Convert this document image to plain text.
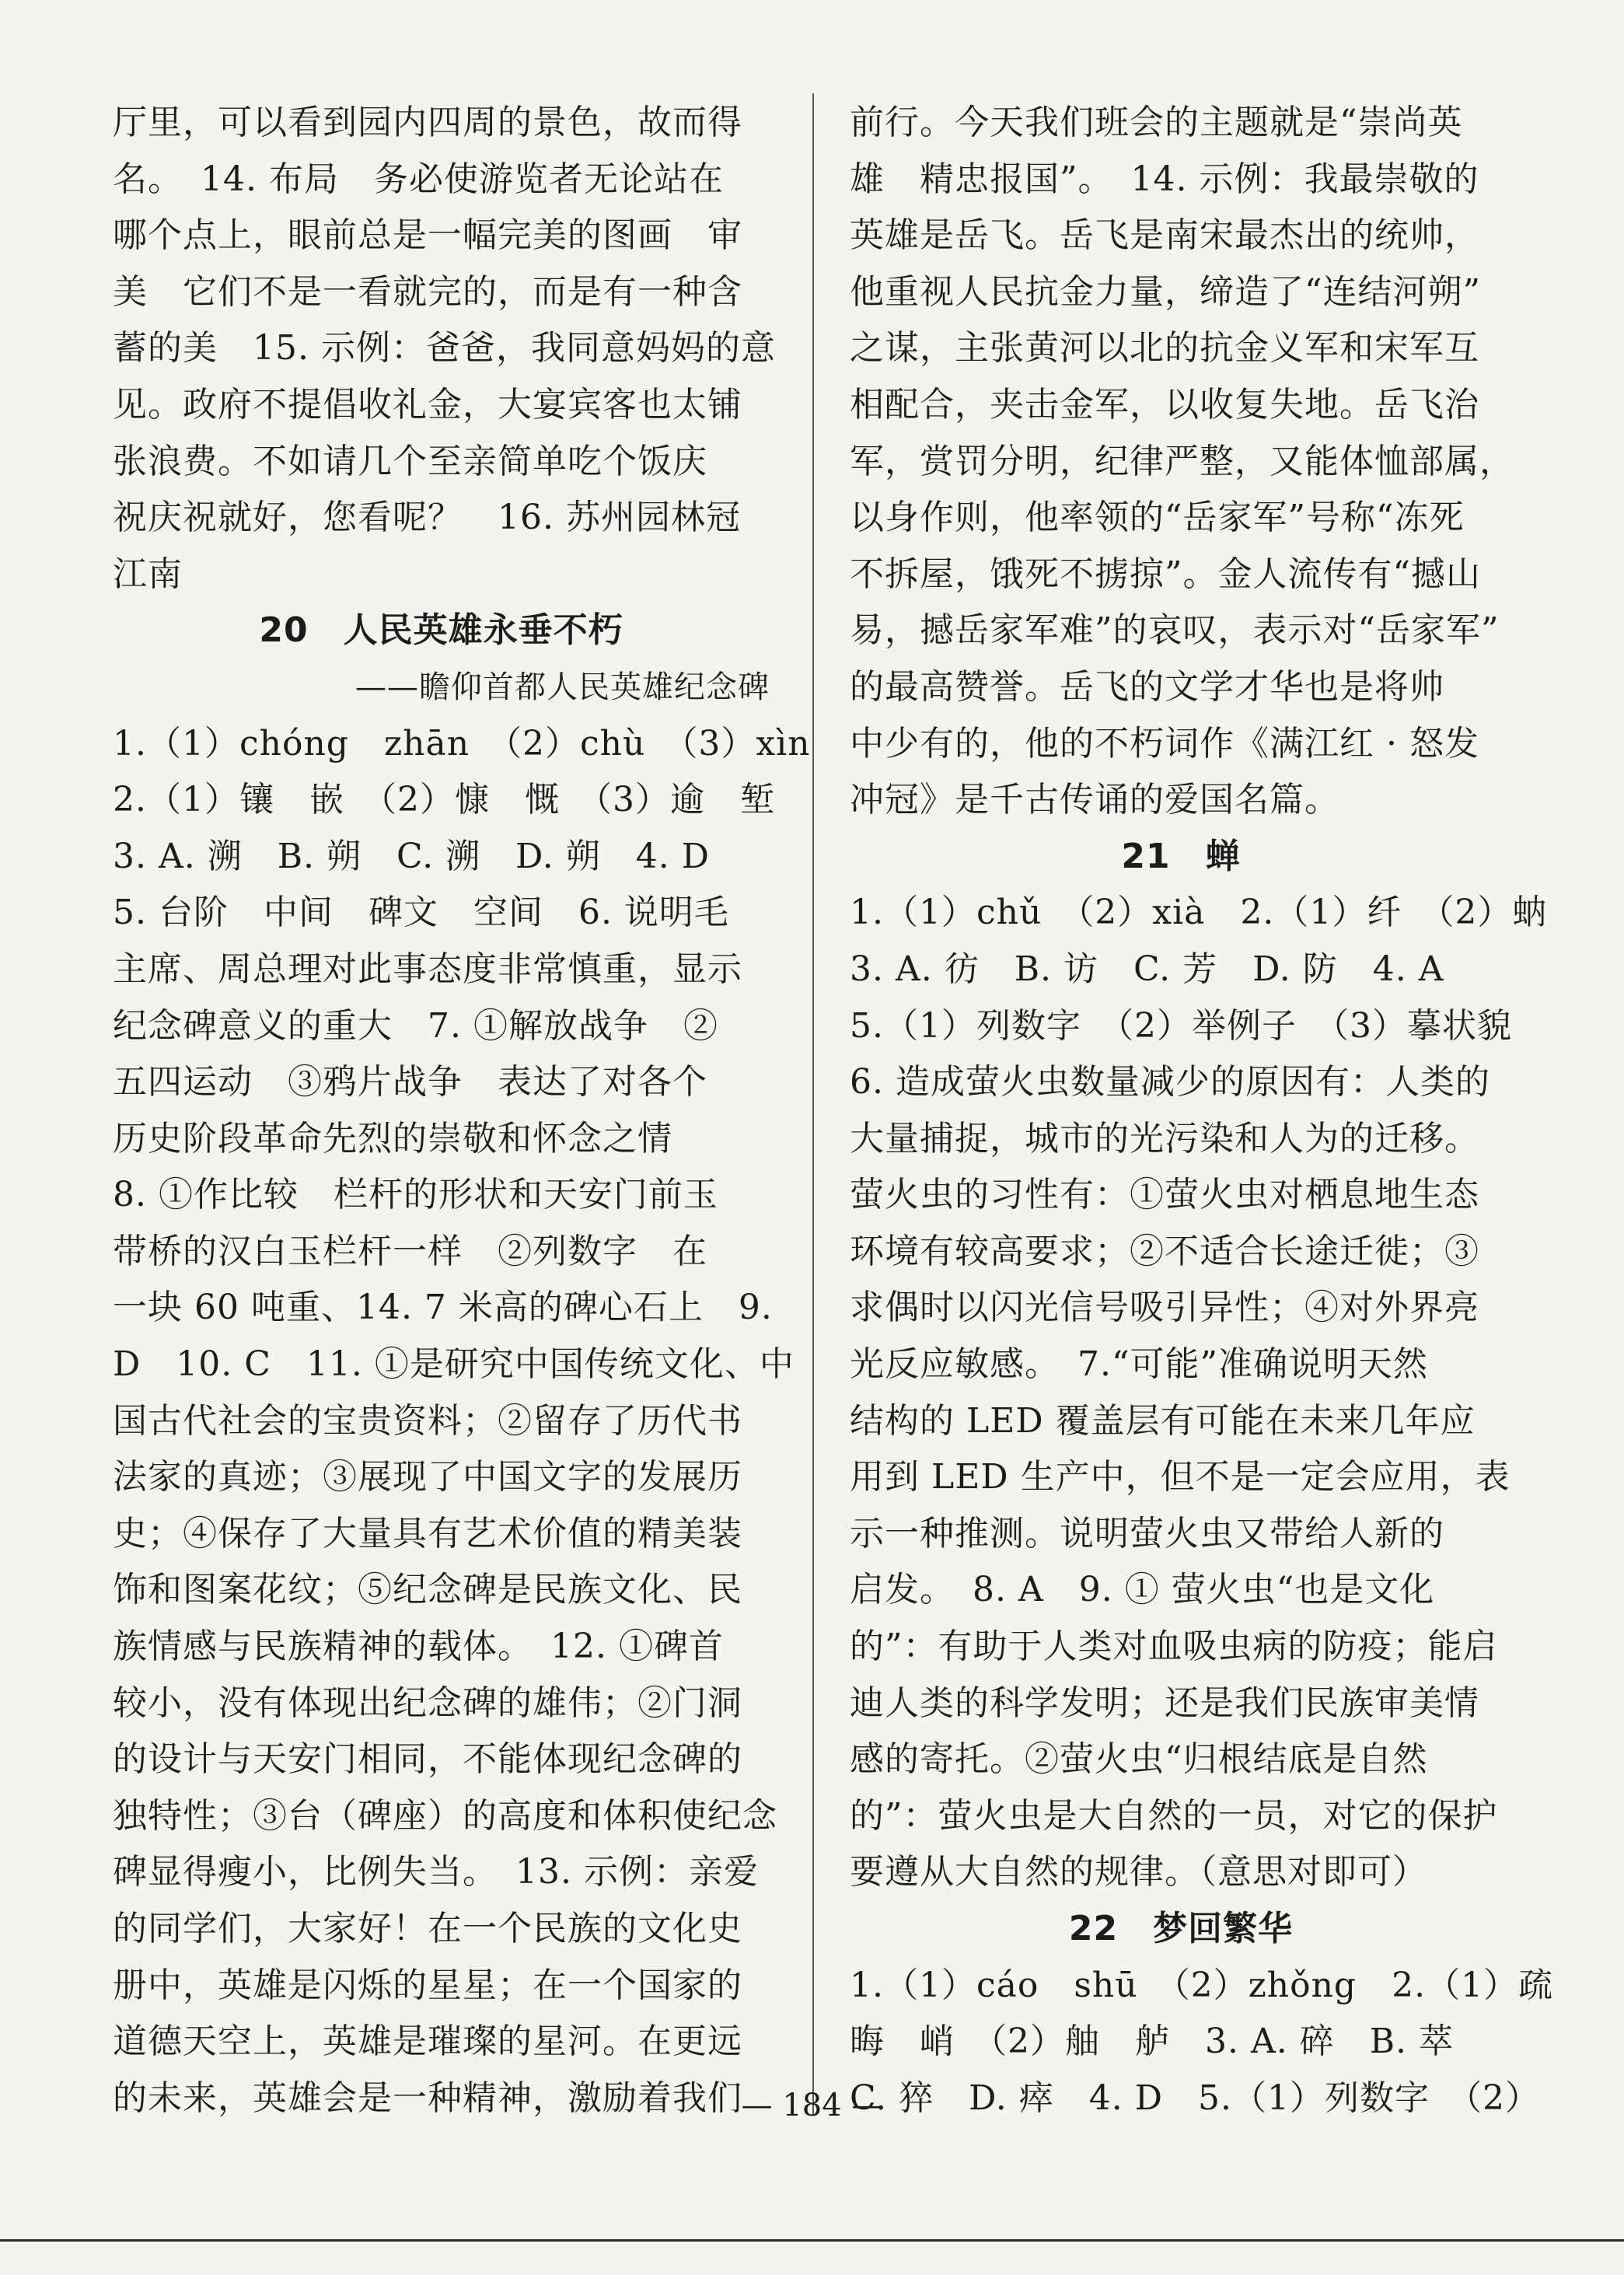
厅里，可以看到园内四周的景色，故而得
名。　14. 布局　务必使游览者无论站在
哪个点上，眼前总是一幅完美的图画　审
美　它们不是一看就完的，而是有一种含
蓄的美　15. 示例：爸爸，我同意妈妈的意
见。政府不提倡收礼金，大宴宾客也太铺
张浪费。不如请几个至亲简单吃个饭庆
祝庆祝就好，您看呢？　16. 苏州园林冠
江南
20　人民英雄永垂不朽
——瞻仰首都人民英雄纪念碑
1.（1）chóng　zhān　（2）chù　（3）xìn
2.（1）镶　嵌　（2）慷　慨　（3）逾　堑
3. A. 溯　B. 朔　C. 溯　D. 朔　4. D
5. 台阶　中间　碑文　空间　6. 说明毛
主席、周总理对此事态度非常慎重，显示
纪念碑意义的重大　7. ①解放战争　②
五四运动　③鸦片战争　表达了对各个
历史阶段革命先烈的崇敬和怀念之情
8. ①作比较　栏杆的形状和天安门前玉
带桥的汉白玉栏杆一样　②列数字　在
一块 60 吨重、14. 7 米高的碑心石上　9.
D　10. C　11. ①是研究中国传统文化、中
国古代社会的宝贵资料；②留存了历代书
法家的真迹；③展现了中国文字的发展历
史；④保存了大量具有艺术价值的精美装
饰和图案花纹；⑤纪念碑是民族文化、民
族情感与民族精神的载体。　12. ①碑首
较小，没有体现出纪念碑的雄伟；②门洞
的设计与天安门相同，不能体现纪念碑的
独特性；③台（碑座）的高度和体积使纪念
碑显得瘦小，比例失当。　13. 示例：亲爱
的同学们，大家好！在一个民族的文化史
册中，英雄是闪烁的星星；在一个国家的
道德天空上，英雄是璀璨的星河。在更远
的未来，英雄会是一种精神，激励着我们
前行。今天我们班会的主题就是“崇尚英
雄　精忠报国”。　14. 示例：我最崇敬的
英雄是岳飞。岳飞是南宋最杰出的统帅，
他重视人民抗金力量，缔造了“连结河朔”
之谋，主张黄河以北的抗金义军和宋军互
相配合，夹击金军，以收复失地。岳飞治
军，赏罚分明，纪律严整，又能体恤部属，
以身作则，他率领的“岳家军”号称“冻死
不拆屋，饿死不掳掠”。金人流传有“撼山
易，撼岳家军难”的哀叹，表示对“岳家军”
的最高赞誉。岳飞的文学才华也是将帅
中少有的，他的不朽词作《满江红 · 怒发
冲冠》是千古传诵的爱国名篇。
21　蝉
1.（1）chǔ　（2）xià　2.（1）纤　（2）蚋
3. A. 彷　B. 访　C. 芳　D. 防　4. A
5.（1）列数字　（2）举例子　（3）摹状貌
6. 造成萤火虫数量减少的原因有：人类的
大量捕捉，城市的光污染和人为的迁移。
萤火虫的习性有：①萤火虫对栖息地生态
环境有较高要求；②不适合长途迁徙；③
求偶时以闪光信号吸引异性；④对外界亮
光反应敏感。　7.“可能”准确说明天然
结构的 LED 覆盖层有可能在未来几年应
用到 LED 生产中，但不是一定会应用，表
示一种推测。说明萤火虫又带给人新的
启发。　8. A　9. ① 萤火虫“也是文化
的”：有助于人类对血吸虫病的防疫；能启
迪人类的科学发明；还是我们民族审美情
感的寄托。②萤火虫“归根结底是自然
的”：萤火虫是大自然的一员，对它的保护
要遵从大自然的规律。（意思对即可）
22　梦回繁华
1.（1）cáo　shū　（2）zhǒng　2.（1）疏
晦　峭　（2）舳　舻　3. A. 碎　B. 萃
C. 猝　D. 瘁　4. D　5.（1）列数字　（2）
— 184 —
